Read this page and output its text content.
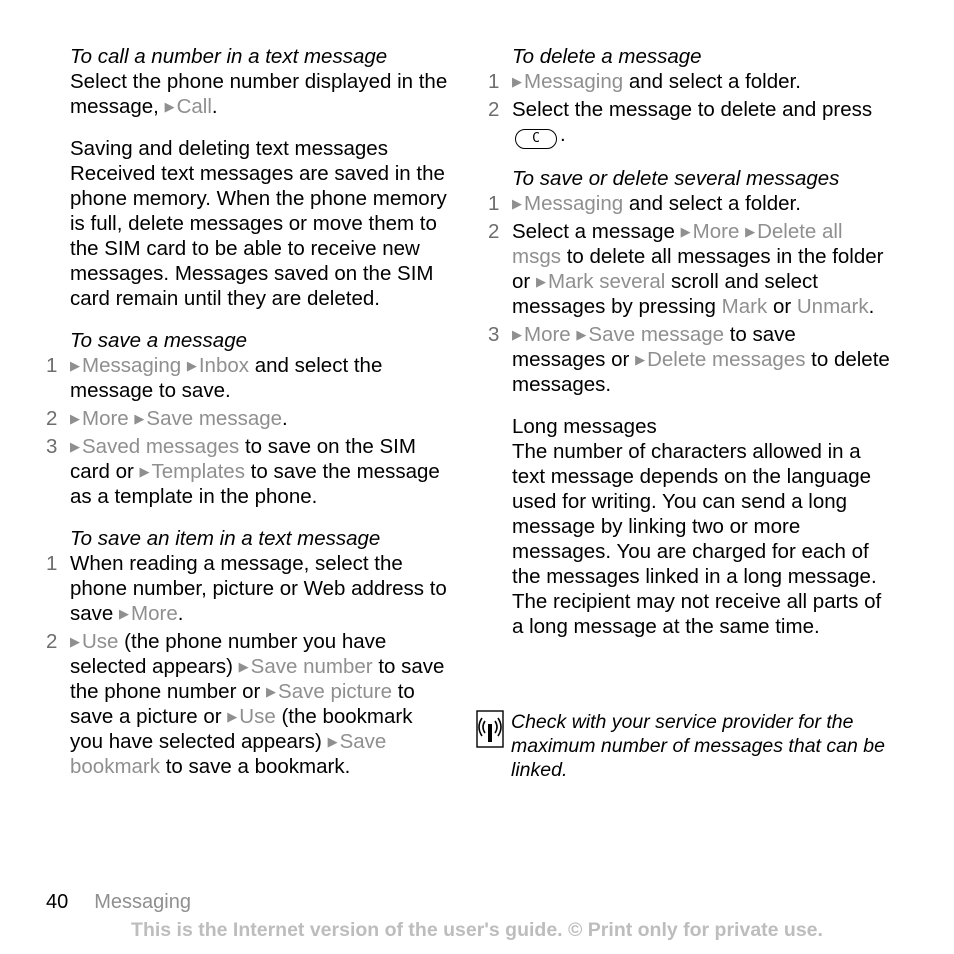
To call a number in a text message

Select the phone number displayed in the message, ▶Call.

Saving and deleting text messages

Received text messages are saved in the phone memory. When the phone memory is full, delete messages or move them to the SIM card to be able to receive new messages. Messages saved on the SIM card remain until they are deleted.

To save a message

1 ▶Messaging ▶Inbox and select the message to save.
2 ▶More ▶Save message.
3 ▶Saved messages to save on the SIM card or ▶Templates to save the message as a template in the phone.

To save an item in a text message

1 When reading a message, select the phone number, picture or Web address to save ▶More.
2 ▶Use (the phone number you have selected appears) ▶Save number to save the phone number or ▶Save picture to save a picture or ▶Use (the bookmark you have selected appears) ▶Save bookmark to save a bookmark.

To delete a message

1 ▶Messaging and select a folder.
2 Select the message to delete and press C .

To save or delete several messages

1 ▶Messaging and select a folder.
2 Select a message ▶More ▶Delete all msgs to delete all messages in the folder or ▶Mark several scroll and select messages by pressing Mark or Unmark.
3 ▶More ▶Save message to save messages or ▶Delete messages to delete messages.

Long messages

The number of characters allowed in a text message depends on the language used for writing. You can send a long message by linking two or more messages. You are charged for each of the messages linked in a long message. The recipient may not receive all parts of a long message at the same time.

Check with your service provider for the maximum number of messages that can be linked.
40 Messaging
This is the Internet version of the user's guide. © Print only for private use.
